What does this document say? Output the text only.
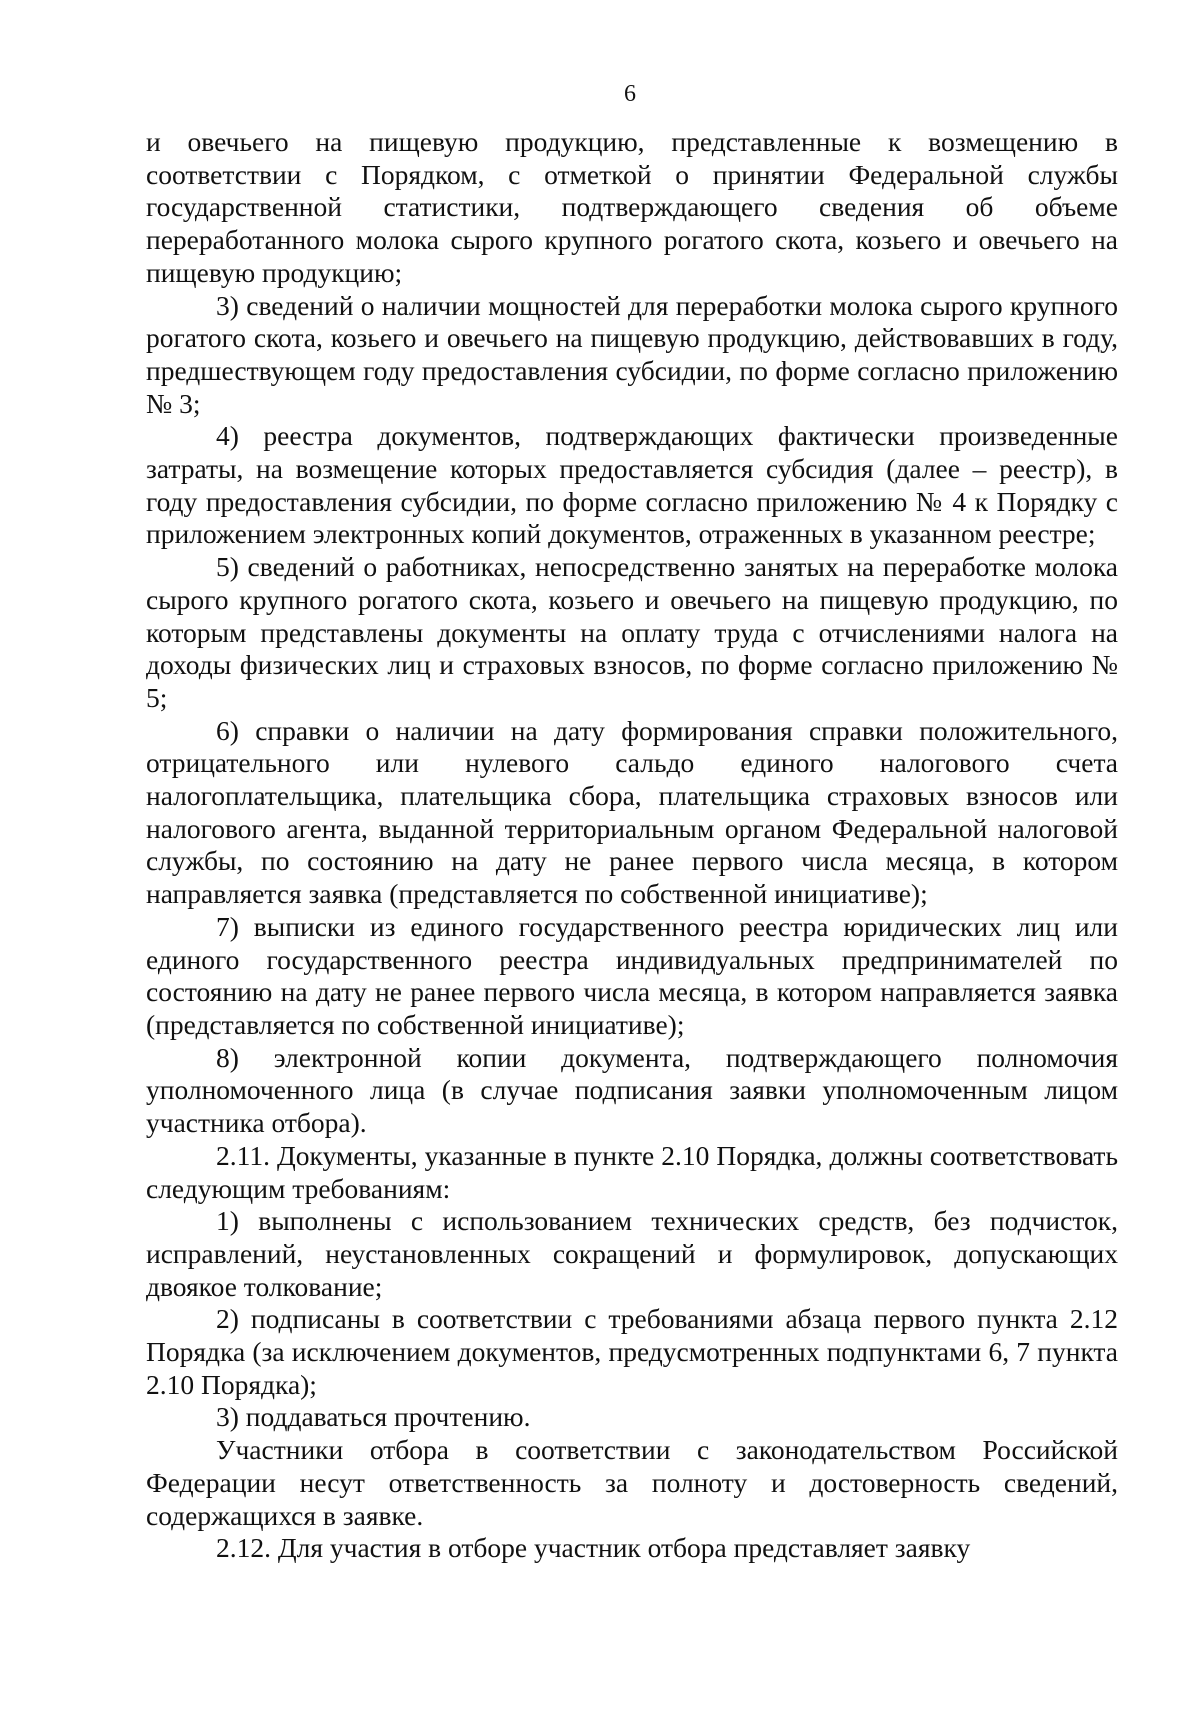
6

и овечьего на пищевую продукцию, представленные к возмещению в соответствии с Порядком, с отметкой о принятии Федеральной службы государственной статистики, подтверждающего сведения об объеме переработанного молока сырого крупного рогатого скота, козьего и овечьего на пищевую продукцию;

3) сведений о наличии мощностей для переработки молока сырого крупного рогатого скота, козьего и овечьего на пищевую продукцию, действовавших в году, предшествующем году предоставления субсидии, по форме согласно приложению № 3;

4) реестра документов, подтверждающих фактически произведенные затраты, на возмещение которых предоставляется субсидия (далее – реестр), в году предоставления субсидии, по форме согласно приложению № 4 к Порядку с приложением электронных копий документов, отраженных в указанном реестре;

5) сведений о работниках, непосредственно занятых на переработке молока сырого крупного рогатого скота, козьего и овечьего на пищевую продукцию, по которым представлены документы на оплату труда с отчислениями налога на доходы физических лиц и страховых взносов, по форме согласно приложению № 5;

6) справки о наличии на дату формирования справки положительного, отрицательного или нулевого сальдо единого налогового счета налогоплательщика, плательщика сбора, плательщика страховых взносов или налогового агента, выданной территориальным органом Федеральной налоговой службы, по состоянию на дату не ранее первого числа месяца, в котором направляется заявка (представляется по собственной инициативе);

7) выписки из единого государственного реестра юридических лиц или единого государственного реестра индивидуальных предпринимателей по состоянию на дату не ранее первого числа месяца, в котором направляется заявка (представляется по собственной инициативе);

8) электронной копии документа, подтверждающего полномочия уполномоченного лица (в случае подписания заявки уполномоченным лицом участника отбора).

2.11. Документы, указанные в пункте 2.10 Порядка, должны соответствовать следующим требованиям:

1) выполнены с использованием технических средств, без подчисток, исправлений, неустановленных сокращений и формулировок, допускающих двоякое толкование;

2) подписаны в соответствии с требованиями абзаца первого пункта 2.12 Порядка (за исключением документов, предусмотренных подпунктами 6, 7 пункта 2.10 Порядка);

3) поддаваться прочтению.

Участники отбора в соответствии с законодательством Российской Федерации несут ответственность за полноту и достоверность сведений, содержащихся в заявке.

2.12. Для участия в отборе участник отбора представляет заявку
